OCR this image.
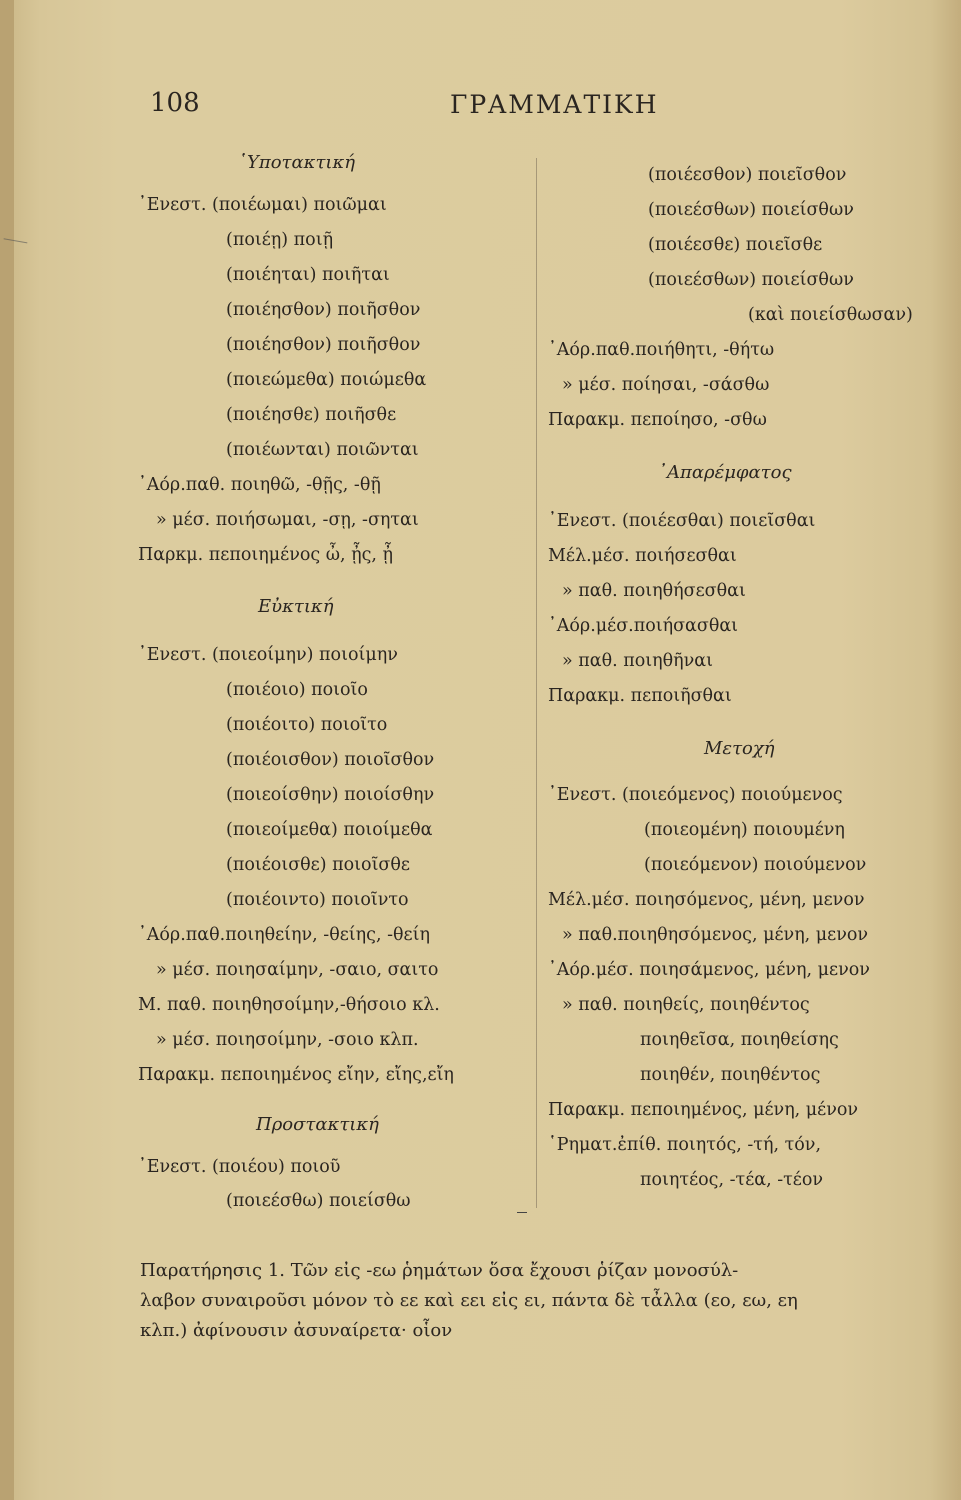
108	ΓΡΑΜΜΑΤΙΚΗ
῾Υποτακτική
᾿Ενεστ. (ποιέωμαι) ποιῶμαι
(ποιέῃ) ποιῇ
(ποιέηται) ποιῆται
(ποιέησθον) ποιῆσθον
(ποιέησθον) ποιῆσθον
(ποιεώμεθα) ποιώμεθα
(ποιέησθε) ποιῆσθε
(ποιέωνται) ποιῶνται
᾿Αόρ.παθ. ποιηθῶ, -θῇς, -θῇ
» μέσ. ποιήσωμαι, -σῃ, -σηται
Παρκμ. πεποιημένος ὦ, ᾖς, ᾖ
Εὐκτική
᾿Ενεστ. (ποιεοίμην) ποιοίμην
(ποιέοιο) ποιοῖο
(ποιέοιτο) ποιοῖτο
(ποιέοισθον) ποιοῖσθον
(ποιεοίσθην) ποιοίσθην
(ποιεοίμεθα) ποιοίμεθα
(ποιέοισθε) ποιοῖσθε
(ποιέοιντο) ποιοῖντο
᾿Αόρ.παθ.ποιηθείην, -θείης, -θείη
» μέσ. ποιησαίμην, -σαιο, σαιτο
Μ. παθ. ποιηθησοίμην,-θήσοιο κλ.
» μέσ. ποιησοίμην, -σοιο κλπ.
Παρακμ. πεποιημένος εἴην, εἴης,εἴη
Προστακτική
᾿Ενεστ. (ποιέου) ποιοῦ
(ποιεέσθω) ποιείσθω
(ποιέεσθον) ποιεῖσθον
(ποιεέσθων) ποιείσθων
(ποιέεσθε) ποιεῖσθε
(ποιεέσθων) ποιείσθων
(καὶ ποιείσθωσαν)
᾿Αόρ.παθ.ποιήθητι, -θήτω
» μέσ. ποίησαι, -σάσθω
Παρακμ. πεποίησο, -σθω
᾿Απαρέμφατος
᾿Ενεστ. (ποιέεσθαι) ποιεῖσθαι
Μέλ.μέσ. ποιήσεσθαι
» παθ. ποιηθήσεσθαι
᾿Αόρ.μέσ.ποιήσασθαι
» παθ. ποιηθῆναι
Παρακμ. πεποιῆσθαι
Μετοχή
᾿Ενεστ. (ποιεόμενος) ποιούμενος
(ποιεομένη) ποιουμένη
(ποιεόμενον) ποιούμενον
Μέλ.μέσ. ποιησόμενος, μένη, μενον
» παθ.ποιηθησόμενος, μένη, μενον
᾿Αόρ.μέσ. ποιησάμενος, μένη, μενον
» παθ. ποιηθείς, ποιηθέντος
ποιηθεῖσα, ποιηθείσης
ποιηθέν, ποιηθέντος
Παρακμ. πεποιημένος, μένη, μένον
῾Ρηματ.ἐπίθ. ποιητός, -τή, τόν,
ποιητέος, -τέα, -τέον
Παρατήρησις 1. Τῶν εἰς -εω ῥημάτων ὅσα ἔχουσι ῥίζαν μονοσύλ-
λαβον συναιροῦσι μόνον τὸ εε καὶ εει εἰς ει, πάντα δὲ τἆλλα (εο, εω, εη
κλπ.) ἀφίνουσιν ἀσυναίρετα· οἷον
